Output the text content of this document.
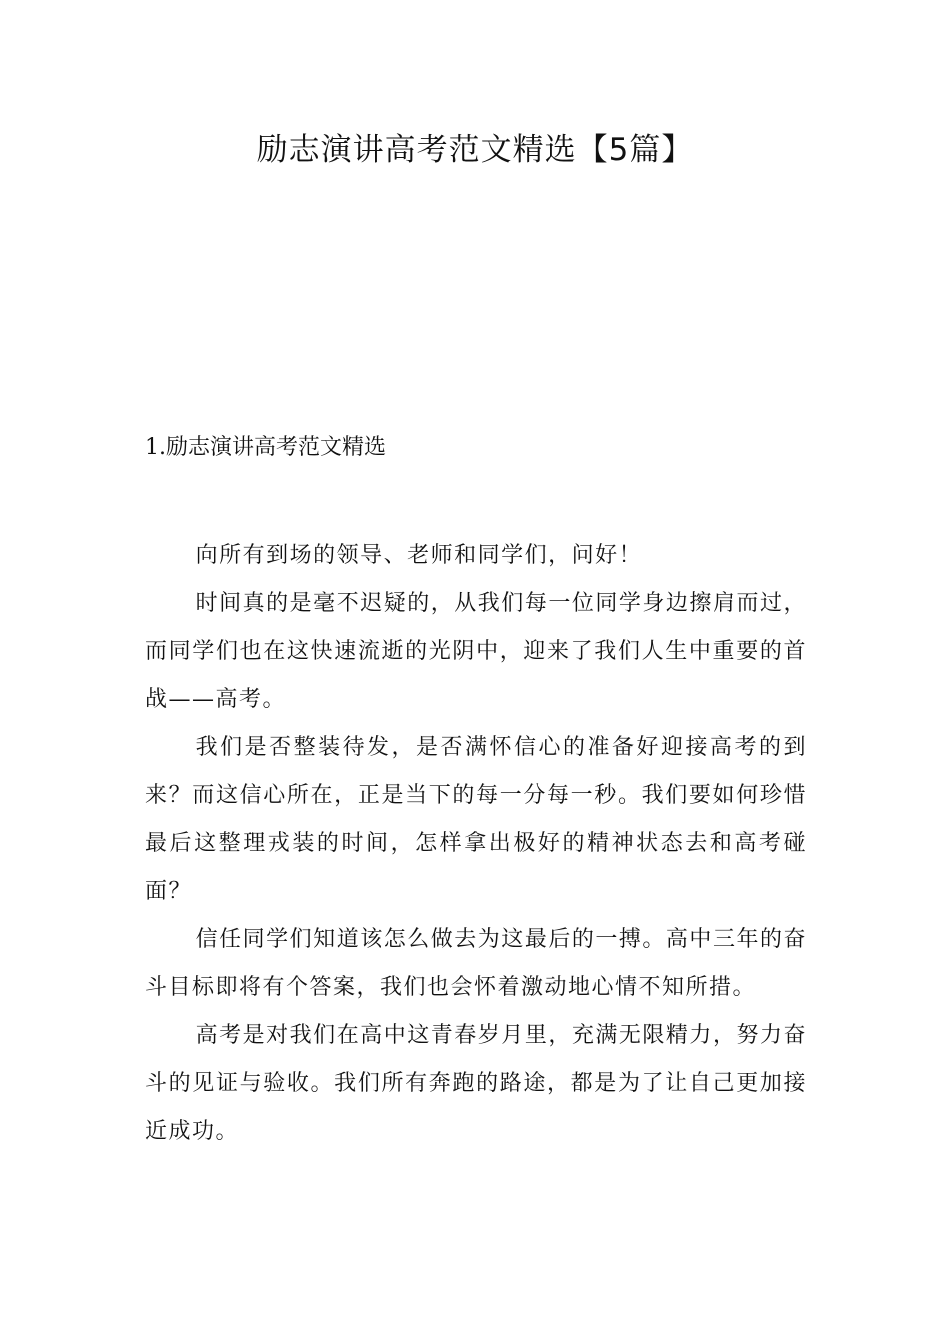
励志演讲高考范文精选【5篇】
1.励志演讲高考范文精选

向所有到场的领导、老师和同学们，问好！

时间真的是毫不迟疑的，从我们每一位同学身边擦肩而过，而同学们也在这快速流逝的光阴中，迎来了我们人生中重要的首战——高考。

我们是否整装待发，是否满怀信心的准备好迎接高考的到来？而这信心所在，正是当下的每一分每一秒。我们要如何珍惜最后这整理戎装的时间，怎样拿出极好的精神状态去和高考碰面？

信任同学们知道该怎么做去为这最后的一搏。高中三年的奋斗目标即将有个答案，我们也会怀着激动地心情不知所措。

高考是对我们在高中这青春岁月里，充满无限精力，努力奋斗的见证与验收。我们所有奔跑的路途，都是为了让自己更加接近成功。
